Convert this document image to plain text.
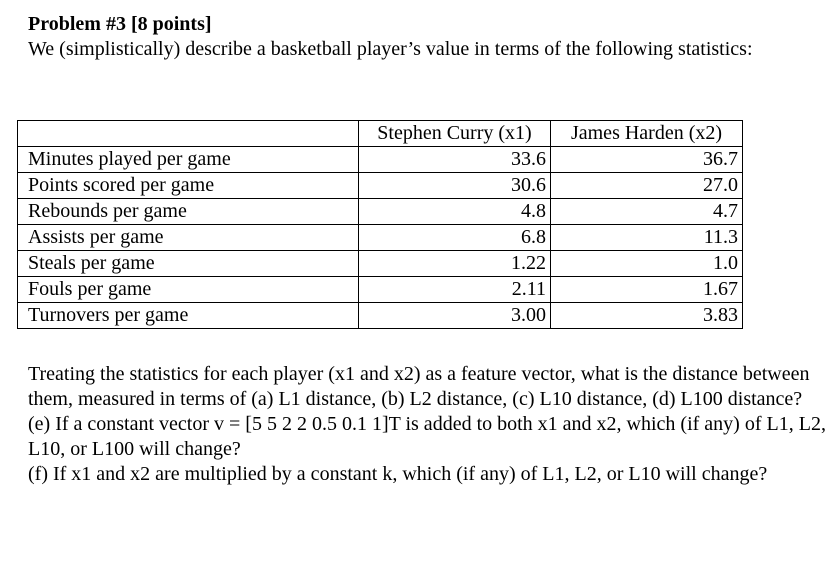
Problem #3 [8 points]

We (simplistically) describe a basketball player’s value in terms of the following statistics:

	Stephen Curry (x1)	James Harden (x2)
Minutes played per game	33.6	36.7
Points scored per game	30.6	27.0
Rebounds per game	4.8	4.7
Assists per game	6.8	11.3
Steals per game	1.22	1.0
Fouls per game	2.11	1.67
Turnovers per game	3.00	3.83

Treating the statistics for each player (x1 and x2) as a feature vector, what is the distance between them, measured in terms of (a) L1 distance, (b) L2 distance, (c) L10 distance, (d) L100 distance?

(e) If a constant vector v = [5 5 2 2 0.5 0.1 1]T is added to both x1 and x2, which (if any) of L1, L2, L10, or L100 will change?

(f) If x1 and x2 are multiplied by a constant k, which (if any) of L1, L2, or L10 will change?
